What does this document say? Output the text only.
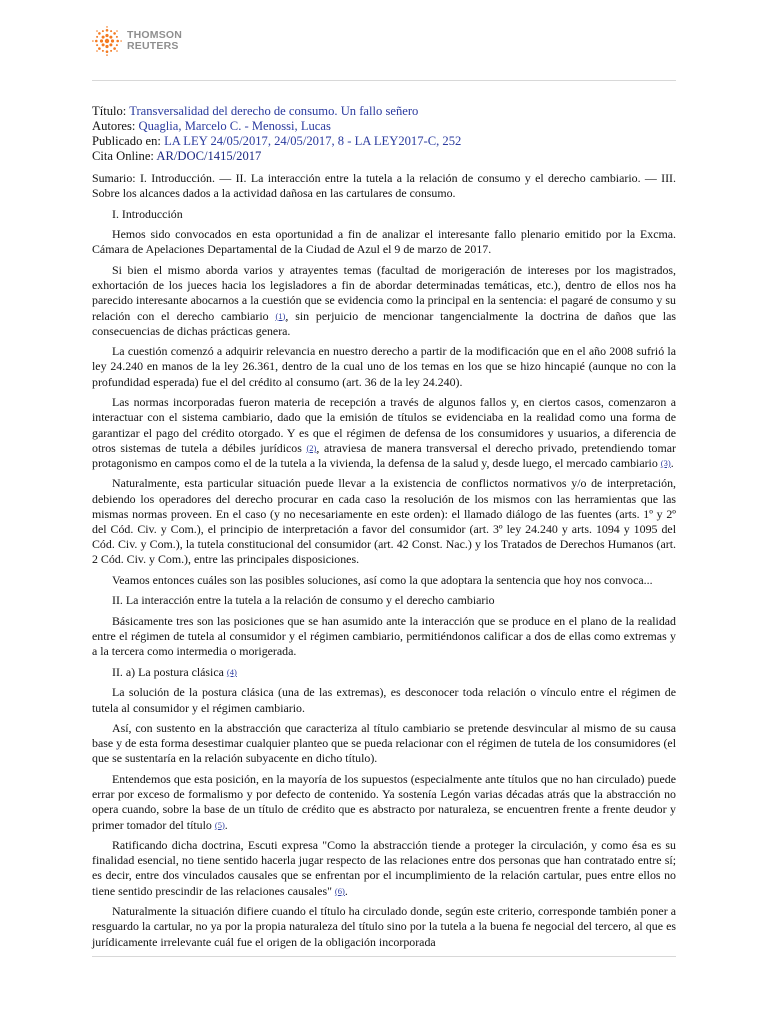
THOMSON
REUTERS
Título: Transversalidad del derecho de consumo. Un fallo señero
Autores: Quaglia, Marcelo C. - Menossi, Lucas
Publicado en: LA LEY 24/05/2017, 24/05/2017, 8 - LA LEY2017-C, 252
Cita Online: AR/DOC/1415/2017

Sumario: I. Introducción. — II. La interacción entre la tutela a la relación de consumo y el derecho cambiario. — III. Sobre los alcances dados a la actividad dañosa en las cartulares de consumo.

I. Introducción

Hemos sido convocados en esta oportunidad a fin de analizar el interesante fallo plenario emitido por la Excma. Cámara de Apelaciones Departamental de la Ciudad de Azul el 9 de marzo de 2017.

Si bien el mismo aborda varios y atrayentes temas (facultad de morigeración de intereses por los magistrados, exhortación de los jueces hacia los legisladores a fin de abordar determinadas temáticas, etc.), dentro de ellos nos ha parecido interesante abocarnos a la cuestión que se evidencia como la principal en la sentencia: el pagaré de consumo y su relación con el derecho cambiario (1), sin perjuicio de mencionar tangencialmente la doctrina de daños que las consecuencias de dichas prácticas genera.

La cuestión comenzó a adquirir relevancia en nuestro derecho a partir de la modificación que en el año 2008 sufrió la ley 24.240 en manos de la ley 26.361, dentro de la cual uno de los temas en los que se hizo hincapié (aunque no con la profundidad esperada) fue el del crédito al consumo (art. 36 de la ley 24.240).

Las normas incorporadas fueron materia de recepción a través de algunos fallos y, en ciertos casos, comenzaron a interactuar con el sistema cambiario, dado que la emisión de títulos se evidenciaba en la realidad como una forma de garantizar el pago del crédito otorgado. Y es que el régimen de defensa de los consumidores y usuarios, a diferencia de otros sistemas de tutela a débiles jurídicos (2), atraviesa de manera transversal el derecho privado, pretendiendo tomar protagonismo en campos como el de la tutela a la vivienda, la defensa de la salud y, desde luego, el mercado cambiario (3).

Naturalmente, esta particular situación puede llevar a la existencia de conflictos normativos y/o de interpretación, debiendo los operadores del derecho procurar en cada caso la resolución de los mismos con las herramientas que las mismas normas proveen. En el caso (y no necesariamente en este orden): el llamado diálogo de las fuentes (arts. 1º y 2º del Cód. Civ. y Com.), el principio de interpretación a favor del consumidor (art. 3º ley 24.240 y arts. 1094 y 1095 del Cód. Civ. y Com.), la tutela constitucional del consumidor (art. 42 Const. Nac.) y los Tratados de Derechos Humanos (art. 2 Cód. Civ. y Com.), entre las principales disposiciones.

Veamos entonces cuáles son las posibles soluciones, así como la que adoptara la sentencia que hoy nos convoca...

II. La interacción entre la tutela a la relación de consumo y el derecho cambiario

Básicamente tres son las posiciones que se han asumido ante la interacción que se produce en el plano de la realidad entre el régimen de tutela al consumidor y el régimen cambiario, permitiéndonos calificar a dos de ellas como extremas y a la tercera como intermedia o morigerada.

II. a) La postura clásica (4)

La solución de la postura clásica (una de las extremas), es desconocer toda relación o vínculo entre el régimen de tutela al consumidor y el régimen cambiario.

Así, con sustento en la abstracción que caracteriza al título cambiario se pretende desvincular al mismo de su causa base y de esta forma desestimar cualquier planteo que se pueda relacionar con el régimen de tutela de los consumidores (el que se sustentaría en la relación subyacente en dicho título).

Entendemos que esta posición, en la mayoría de los supuestos (especialmente ante títulos que no han circulado) puede errar por exceso de formalismo y por defecto de contenido. Ya sostenía Legón varias décadas atrás que la abstracción no opera cuando, sobre la base de un título de crédito que es abstracto por naturaleza, se encuentren frente a frente deudor y primer tomador del título (5).

Ratificando dicha doctrina, Escuti expresa "Como la abstracción tiende a proteger la circulación, y como ésa es su finalidad esencial, no tiene sentido hacerla jugar respecto de las relaciones entre dos personas que han contratado entre sí; es decir, entre dos vinculados causales que se enfrentan por el incumplimiento de la relación cartular, pues entre ellos no tiene sentido prescindir de las relaciones causales" (6).

Naturalmente la situación difiere cuando el título ha circulado donde, según este criterio, corresponde también poner a resguardo la cartular, no ya por la propia naturaleza del título sino por la tutela a la buena fe negocial del tercero, al que es jurídicamente irrelevante cuál fue el origen de la obligación incorporada
